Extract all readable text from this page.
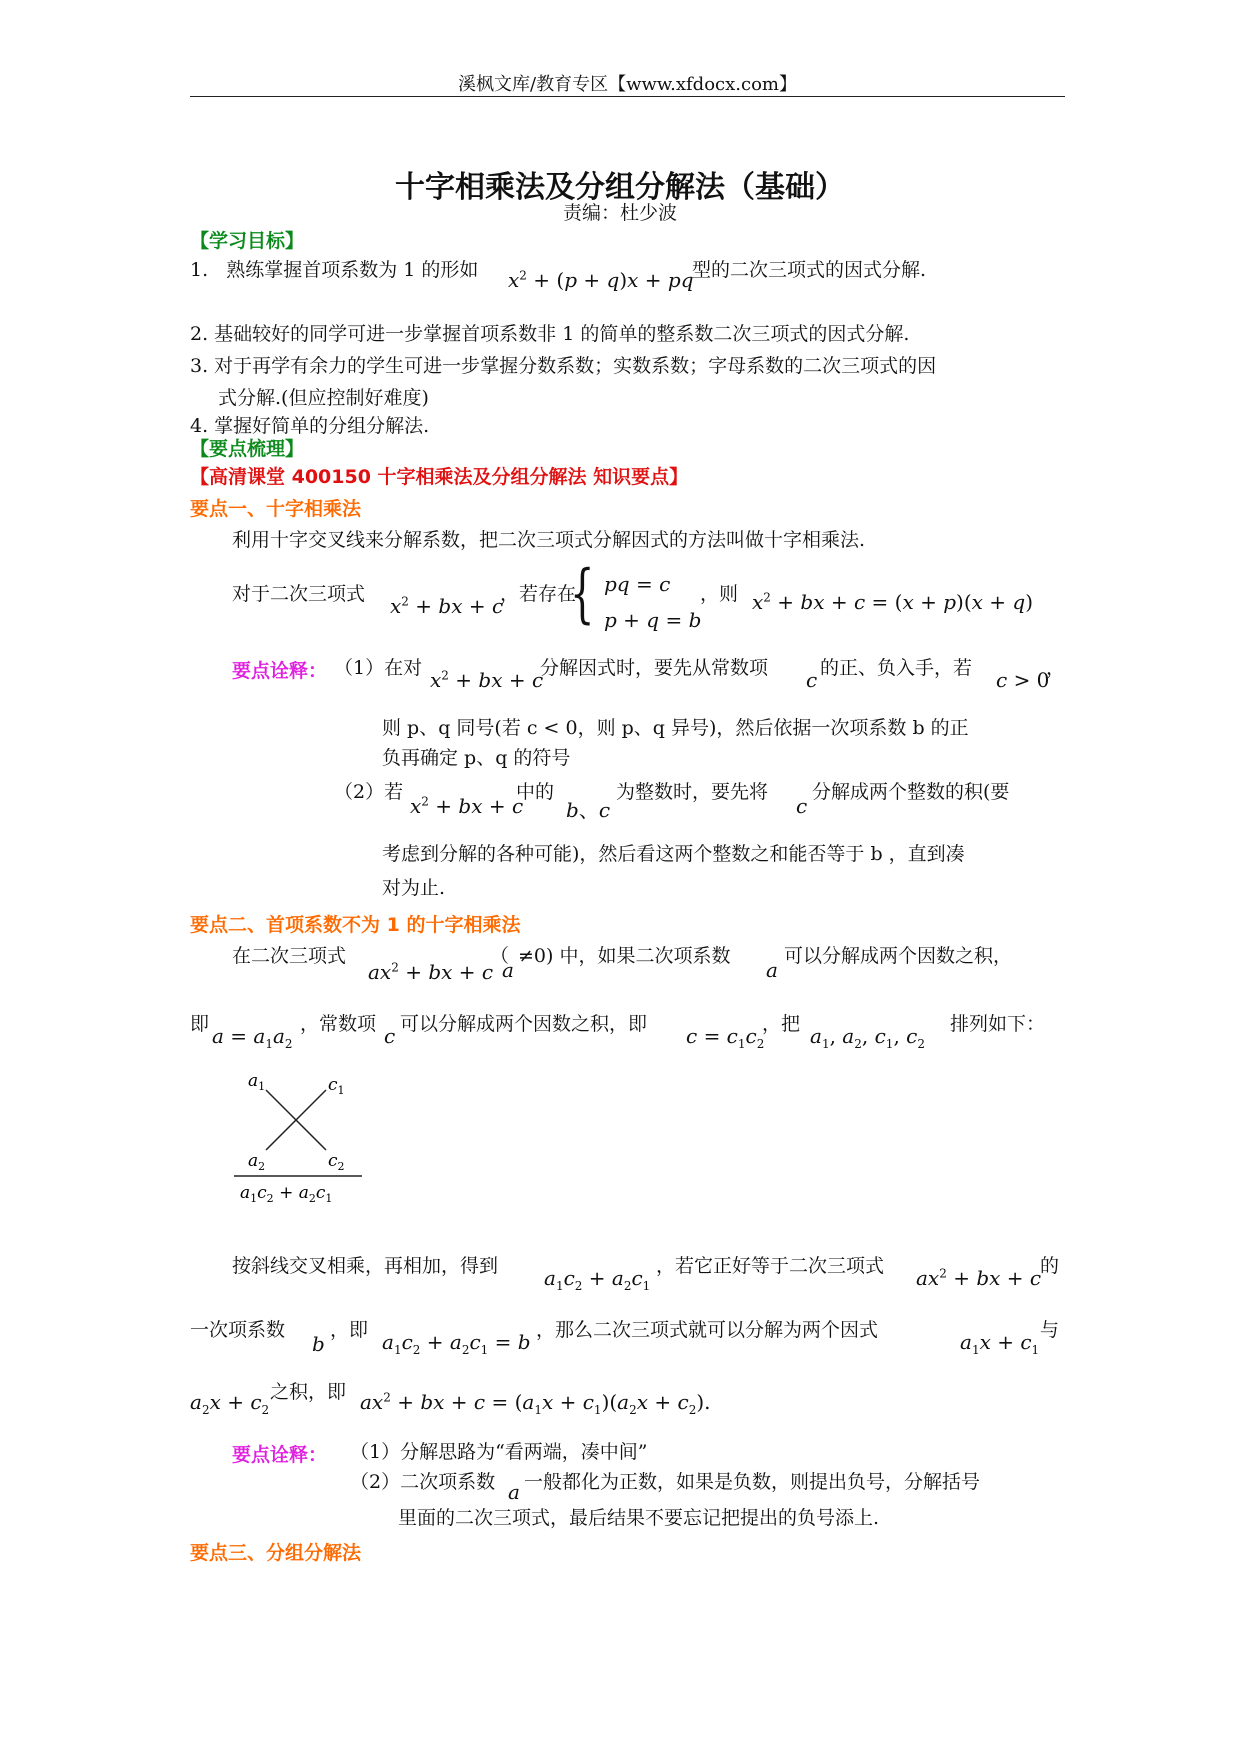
溪枫文库/教育专区【www.xfdocx.com】
十字相乘法及分组分解法（基础）
责编：杜少波
【学习目标】
1. 熟练掌握首项系数为 1 的形如 $x^2 + (p + q)x$ + pq
型的二次三项式的因式分解.
2. 基础较好的同学可进一步掌握首项系数非 1 的简单的整系数二次三项式的因式分解.
3. 对于再学有余力的学生可进一步掌握分数系数；实数系数；字母系数的二次三项式的因
式分解.(但应控制好难度)
4. 掌握好简单的分组分解法.
【要点梳理】
【高清课堂 400150 十字相乘法及分组分解法 知识要点】
要点一、十字相乘法
利用十字交叉线来分解系数，把二次三项式分解因式的方法叫做十字相乘法.
对于二次三项式 $x^2$ + bx + c
，若存在
{ pq = c
p + q = b
，则 $x^2$ + bx + c = (x + p)(x + q)
要点诠释： （1）在对 $x^2$ + bx + c
分解因式时，要先从常数项 c 的正、负入手，若 c > 0
，
则 p、q 同号(若 c < 0，则 p、q 异号)，然后依据一次项系数 b 的正
负再确定 p、q 的符号
（2）若
$x^2$ + bx + c
中的
b、c
为整数时，要先将
c
分解成两个整数的积(要
考虑到分解的各种可能)，然后看这两个整数之和能否等于 b ，直到凑
对为止.
要点二、首项系数不为 1 的十字相乘法
在二次三项式
$ax^2$ + bx + c
（
a
≠0) 中，如果二次项系数
a
可以分解成两个因数之积，
即 $a = a_1a_2$
，常数项 c 可以分解成两个因数之积，即 $c = c_1c_2$
，把 $a_1$, $a_2$, $c_1$, $c_2$
排列如下：
$a_1$	$c_1$
$a_2$	$c_2$
$a_1c_2 + a_2c_1$
按斜线交叉相乘，再相加，得到 $a_1c_2 + a_2c_1$
，若它正好等于二次三项式 $ax^2$ + bx + c
的
一次项系数
b
，即 $a_1c_2 + a_2c_1 = b$ ，那么二次三项式就可以分解为两个因式	$a_1x + c_1$
与
$a_2x + c_2$
之积，即 $ax^2$ + bx + $c = (a_1x + c_1)(a_2x + c_2)$.
要点诠释： （1）分解思路为“看两端，凑中间”
（2）二次项系数 a 一般都化为正数，如果是负数，则提出负号，分解括号
里面的二次三项式，最后结果不要忘记把提出的负号添上.
要点三、分组分解法
